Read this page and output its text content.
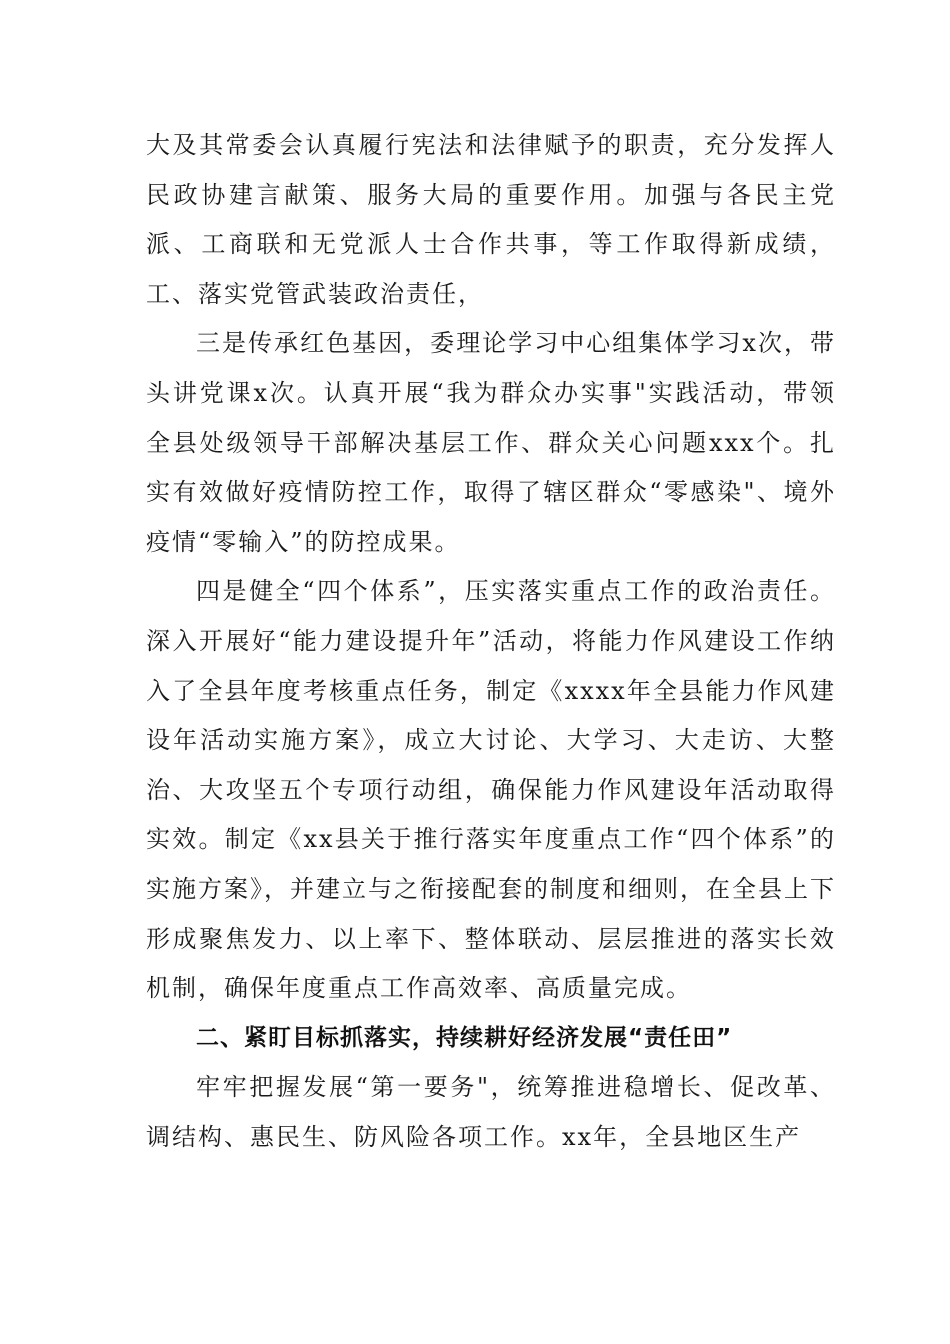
大及其常委会认真履行宪法和法律赋予的职责，充分发挥人民政协建言献策、服务大局的重要作用。加强与各民主党派、工商联和无党派人士合作共事，等工作取得新成绩，工、落实党管武装政治责任，

三是传承红色基因，委理论学习中心组集体学习x次，带头讲党课x次。认真开展“我为群众办实事"实践活动，带领全县处级领导干部解决基层工作、群众关心问题xxx个。扎实有效做好疫情防控工作，取得了辖区群众“零感染"、境外疫情“零输入”的防控成果。

四是健全“四个体系”，压实落实重点工作的政治责任。深入开展好“能力建设提升年”活动，将能力作风建设工作纳入了全县年度考核重点任务，制定《xxxx年全县能力作风建设年活动实施方案》，成立大讨论、大学习、大走访、大整治、大攻坚五个专项行动组，确保能力作风建设年活动取得实效。制定《xx县关于推行落实年度重点工作“四个体系”的实施方案》，并建立与之衔接配套的制度和细则，在全县上下形成聚焦发力、以上率下、整体联动、层层推进的落实长效机制，确保年度重点工作高效率、高质量完成。

二、紧盯目标抓落实，持续耕好经济发展“责任田”

牢牢把握发展“第一要务"，统筹推进稳增长、促改革、调结构、惠民生、防风险各项工作。xx年，全县地区生产
